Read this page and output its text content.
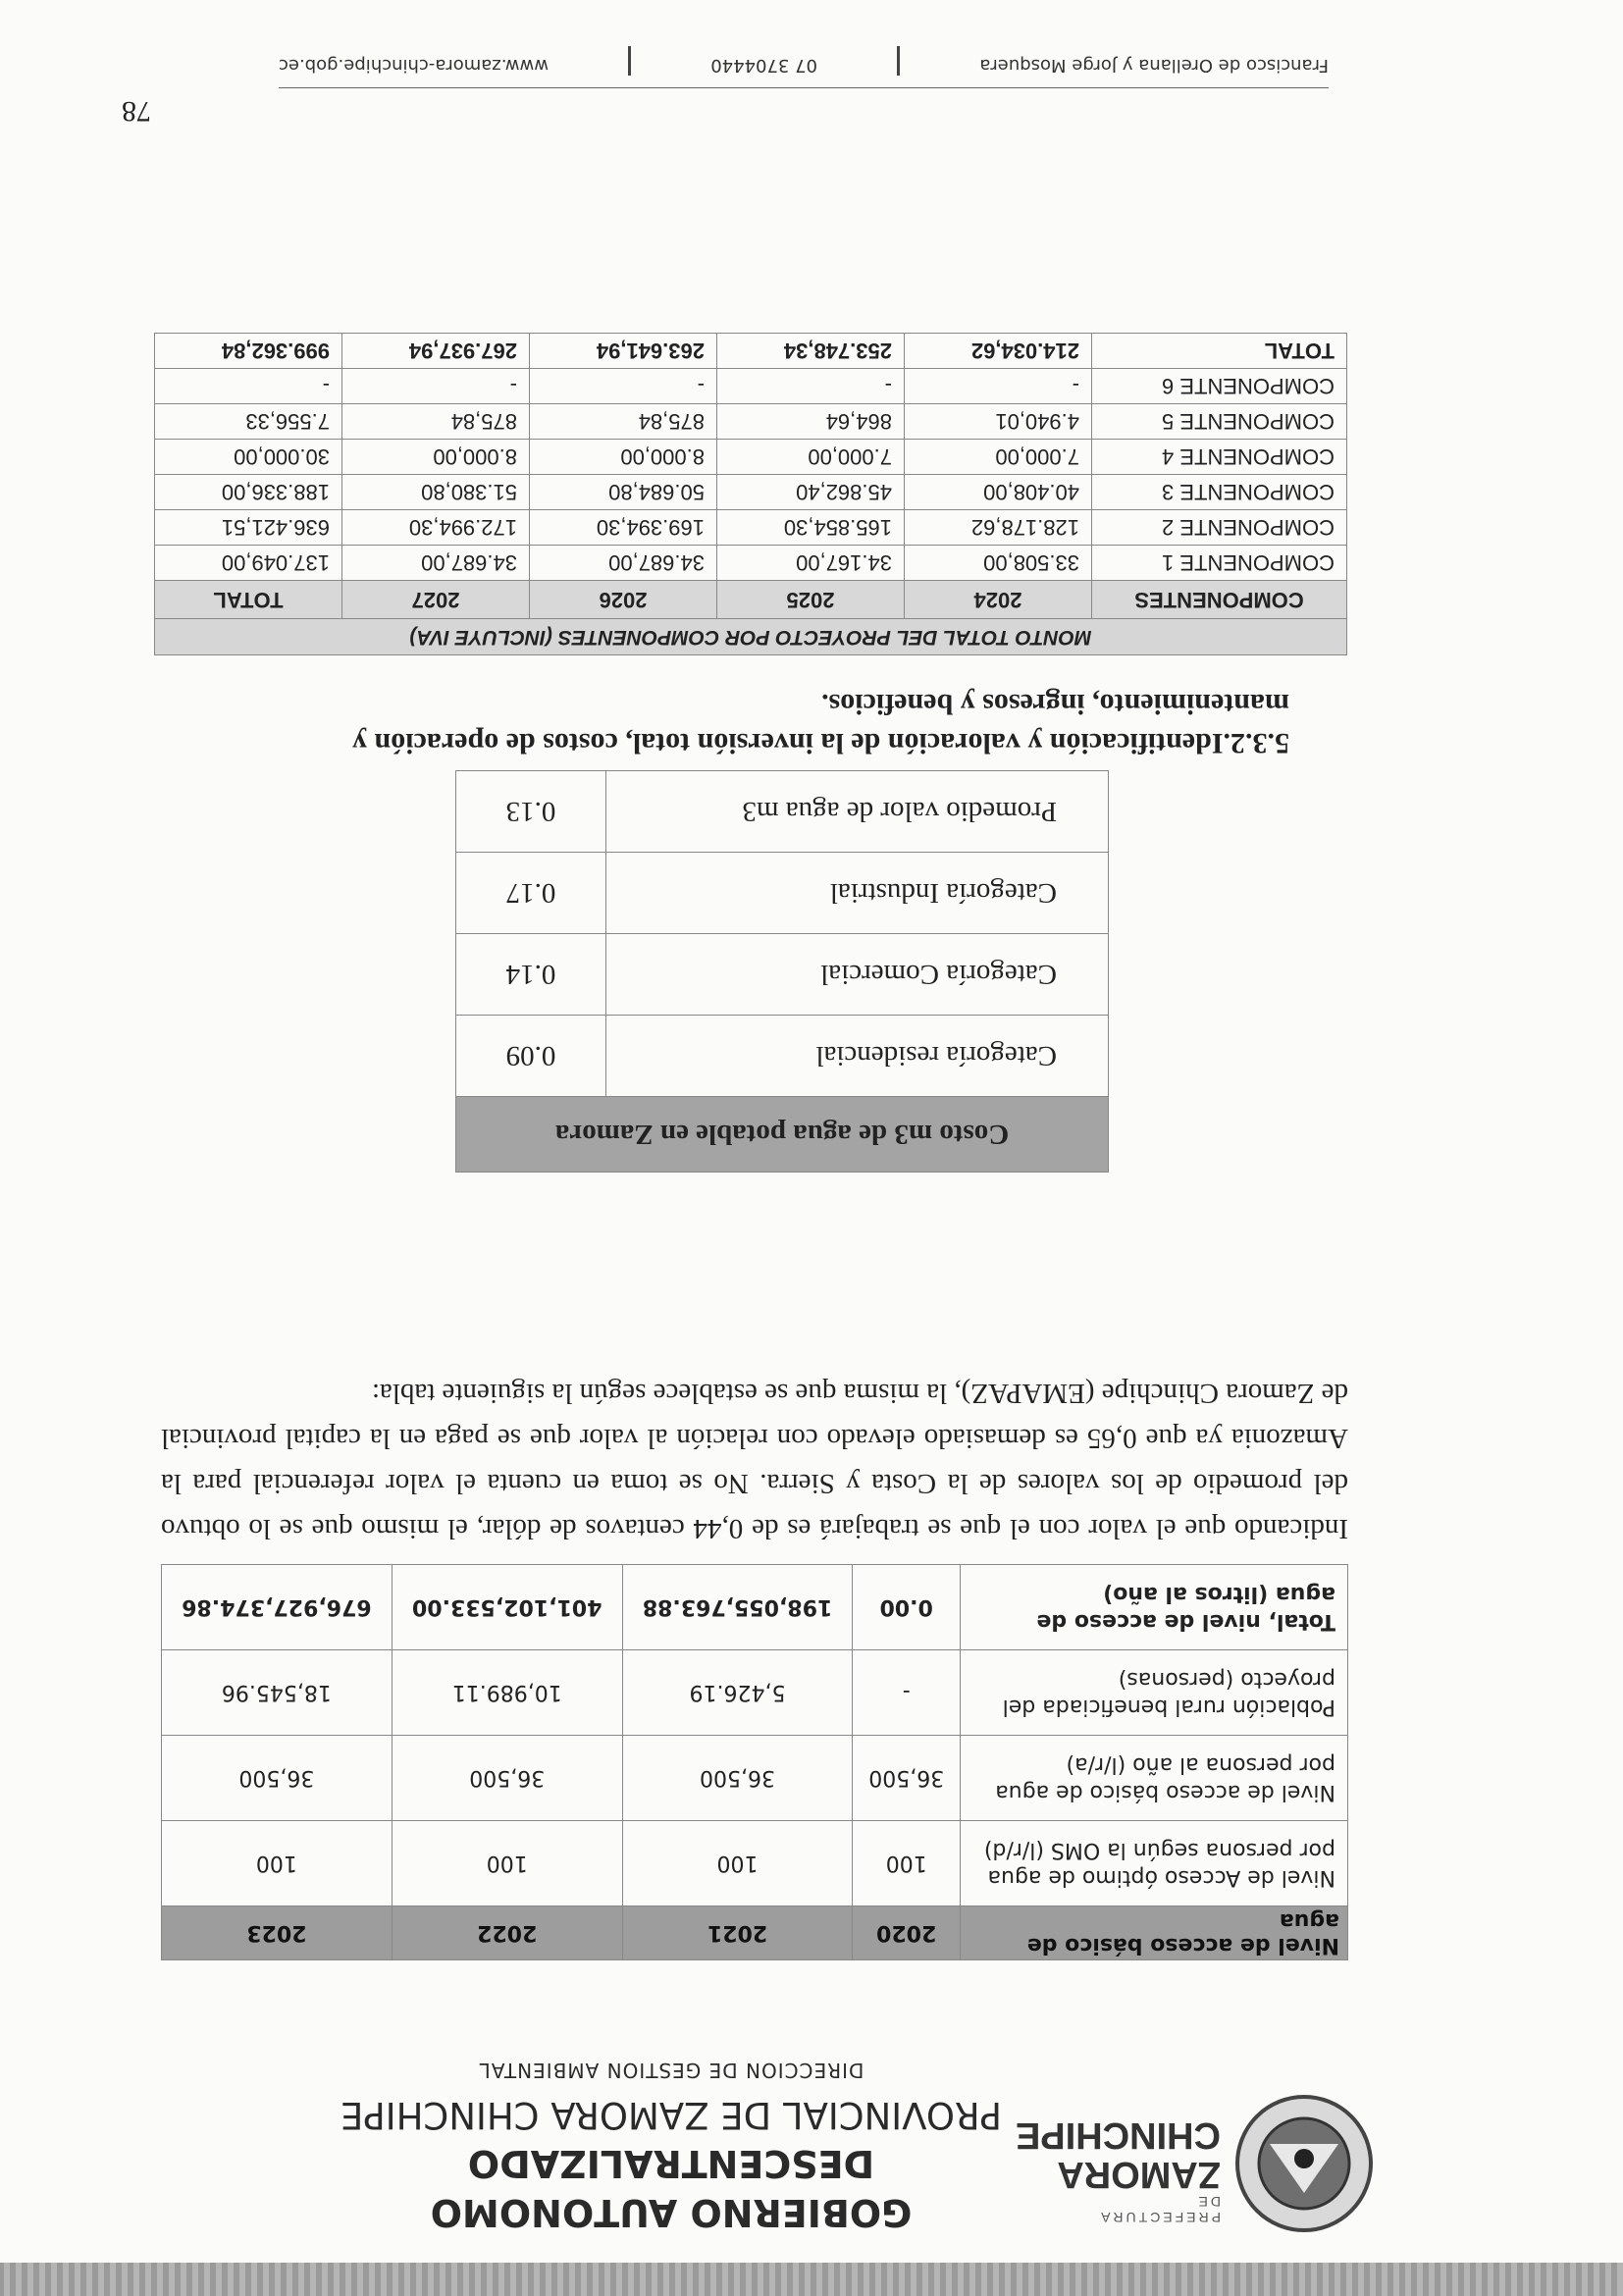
PREFECTURA DE
ZAMORA
CHINCHIPE
GOBIERNO AUTONOMO DESCENTRALIZADO
PROVINCIAL DE ZAMORA CHINCHIPE
DIRECCION DE GESTION AMBIENTAL
Nivel de acceso básico de agua	2020	2021	2022	2023
Nivel de Acceso óptimo de agua por persona según la OMS (l/r/d)	100	100	100	100
Nivel de acceso básico de agua por persona al año (l/r/a)	36,500	36,500	36,500	36,500
Población rural beneficiada del proyecto (personas)	-	5,426.19	10,989.11	18,545.96
Total, nivel de acceso de agua (litros al año)	0.00	198,055,763.88	401,102,533.00	676,927,374.86

Indicando que el valor con el que se trabajará es de 0,44 centavos de dólar, el mismo que se lo obtuvo del promedio de los valores de la Costa y Sierra. No se toma en cuenta el valor referencial para la Amazonia ya que 0,65 es demasiado elevado con relación al valor que se paga en la capital provincial de Zamora Chinchipe (EMAPAZ), la misma que se establece según la siguiente tabla:

Costo m3 de agua potable en Zamora	
Categoría residencial	0.09
Categoría Comercial	0.14
Categoría Industrial	0.17
Promedio valor de agua m3	0.13
5.3.2.Identificación y valoración de la inversión total, costos de operación y mantenimiento, ingresos y beneficios.
MONTO TOTAL DEL PROYECTO POR COMPONENTES (INCLUYE IVA)
COMPONENTES	2024	2025	2026	2027	TOTAL
COMPONENTE 1	33.508,00	34.167,00	34.687,00	34.687,00	137.049,00
COMPONENTE 2	128.178,62	165.854,30	169.394,30	172.994,30	636.421,51
COMPONENTE 3	40.408,00	45.862,40	50.684,80	51.380,80	188.336,00
COMPONENTE 4	7.000,00	7.000,00	8.000,00	8.000,00	30.000,00
COMPONENTE 5	4.940,01	864,64	875,84	875,84	7.556,33
COMPONENTE 6	-	-	-	-	-
TOTAL	214.034,62	253.748,34	263.641,94	267.937,94	999.362,84
78
Francisco de Orellana y Jorge Mosquera
07 3704440
www.zamora-chinchipe.gob.ec
